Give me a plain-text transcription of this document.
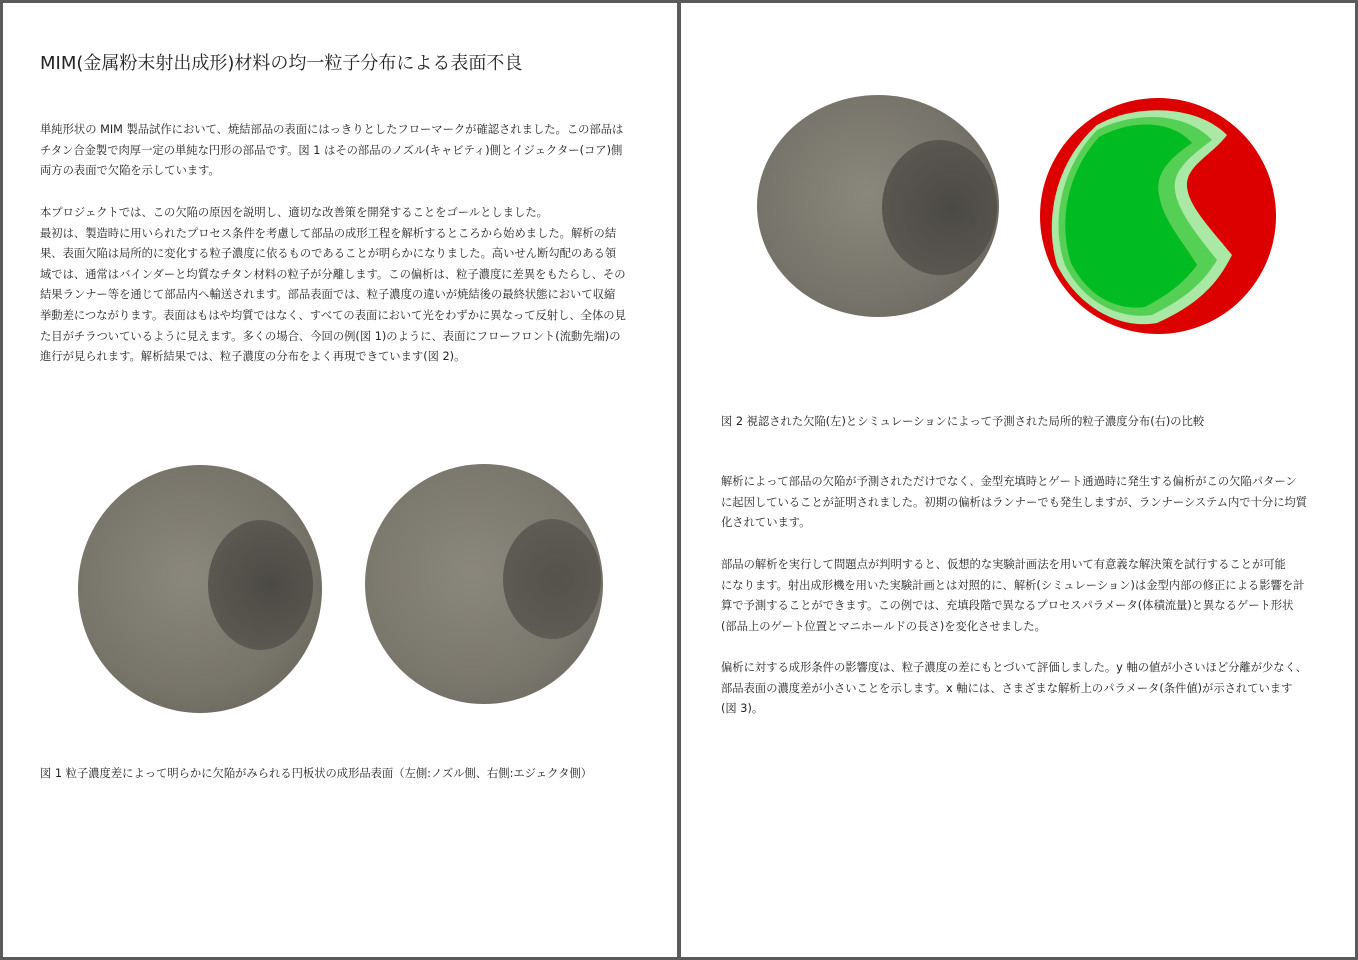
MIM(金属粉末射出成形)材料の均一粒子分布による表面不良
単純形状の MIM 製品試作において、焼結部品の表面にはっきりとしたフローマークが確認されました。この部品は
チタン合金製で肉厚一定の単純な円形の部品です。図 1 はその部品のノズル(キャビティ)側とイジェクター(コア)側
両方の表面で欠陥を示しています。
本プロジェクトでは、この欠陥の原因を説明し、適切な改善策を開発することをゴールとしました。
最初は、製造時に用いられたプロセス条件を考慮して部品の成形工程を解析するところから始めました。解析の結
果、表面欠陥は局所的に変化する粒子濃度に依るものであることが明らかになりました。高いせん断勾配のある領
域では、通常はバインダーと均質なチタン材料の粒子が分離します。この偏析は、粒子濃度に差異をもたらし、その
結果ランナー等を通じて部品内へ輸送されます。部品表面では、粒子濃度の違いが焼結後の最終状態において収縮
挙動差につながります。表面はもはや均質ではなく、すべての表面において光をわずかに異なって反射し、全体の見
た目がチラついているように見えます。多くの場合、今回の例(図 1)のように、表面にフローフロント(流動先端)の
進行が見られます。解析結果では、粒子濃度の分布をよく再現できています(図 2)。
図 1 粒子濃度差によって明らかに欠陥がみられる円板状の成形品表面（左側:ノズル側、右側:エジェクタ側）
図 2 視認された欠陥(左)とシミュレーションによって予測された局所的粒子濃度分布(右)の比較
解析によって部品の欠陥が予測されただけでなく、金型充填時とゲート通過時に発生する偏析がこの欠陥パターン
に起因していることが証明されました。初期の偏析はランナーでも発生しますが、ランナーシステム内で十分に均質
化されています。
部品の解析を実行して問題点が判明すると、仮想的な実験計画法を用いて有意義な解決策を試行することが可能
になります。射出成形機を用いた実験計画とは対照的に、解析(シミュレーション)は金型内部の修正による影響を計
算で予測することができます。この例では、充填段階で異なるプロセスパラメータ(体積流量)と異なるゲート形状
(部品上のゲート位置とマニホールドの長さ)を変化させました。
偏析に対する成形条件の影響度は、粒子濃度の差にもとづいて評価しました。y 軸の値が小さいほど分離が少なく、
部品表面の濃度差が小さいことを示します。x 軸には、さまざまな解析上のパラメータ(条件値)が示されています
(図 3)。
